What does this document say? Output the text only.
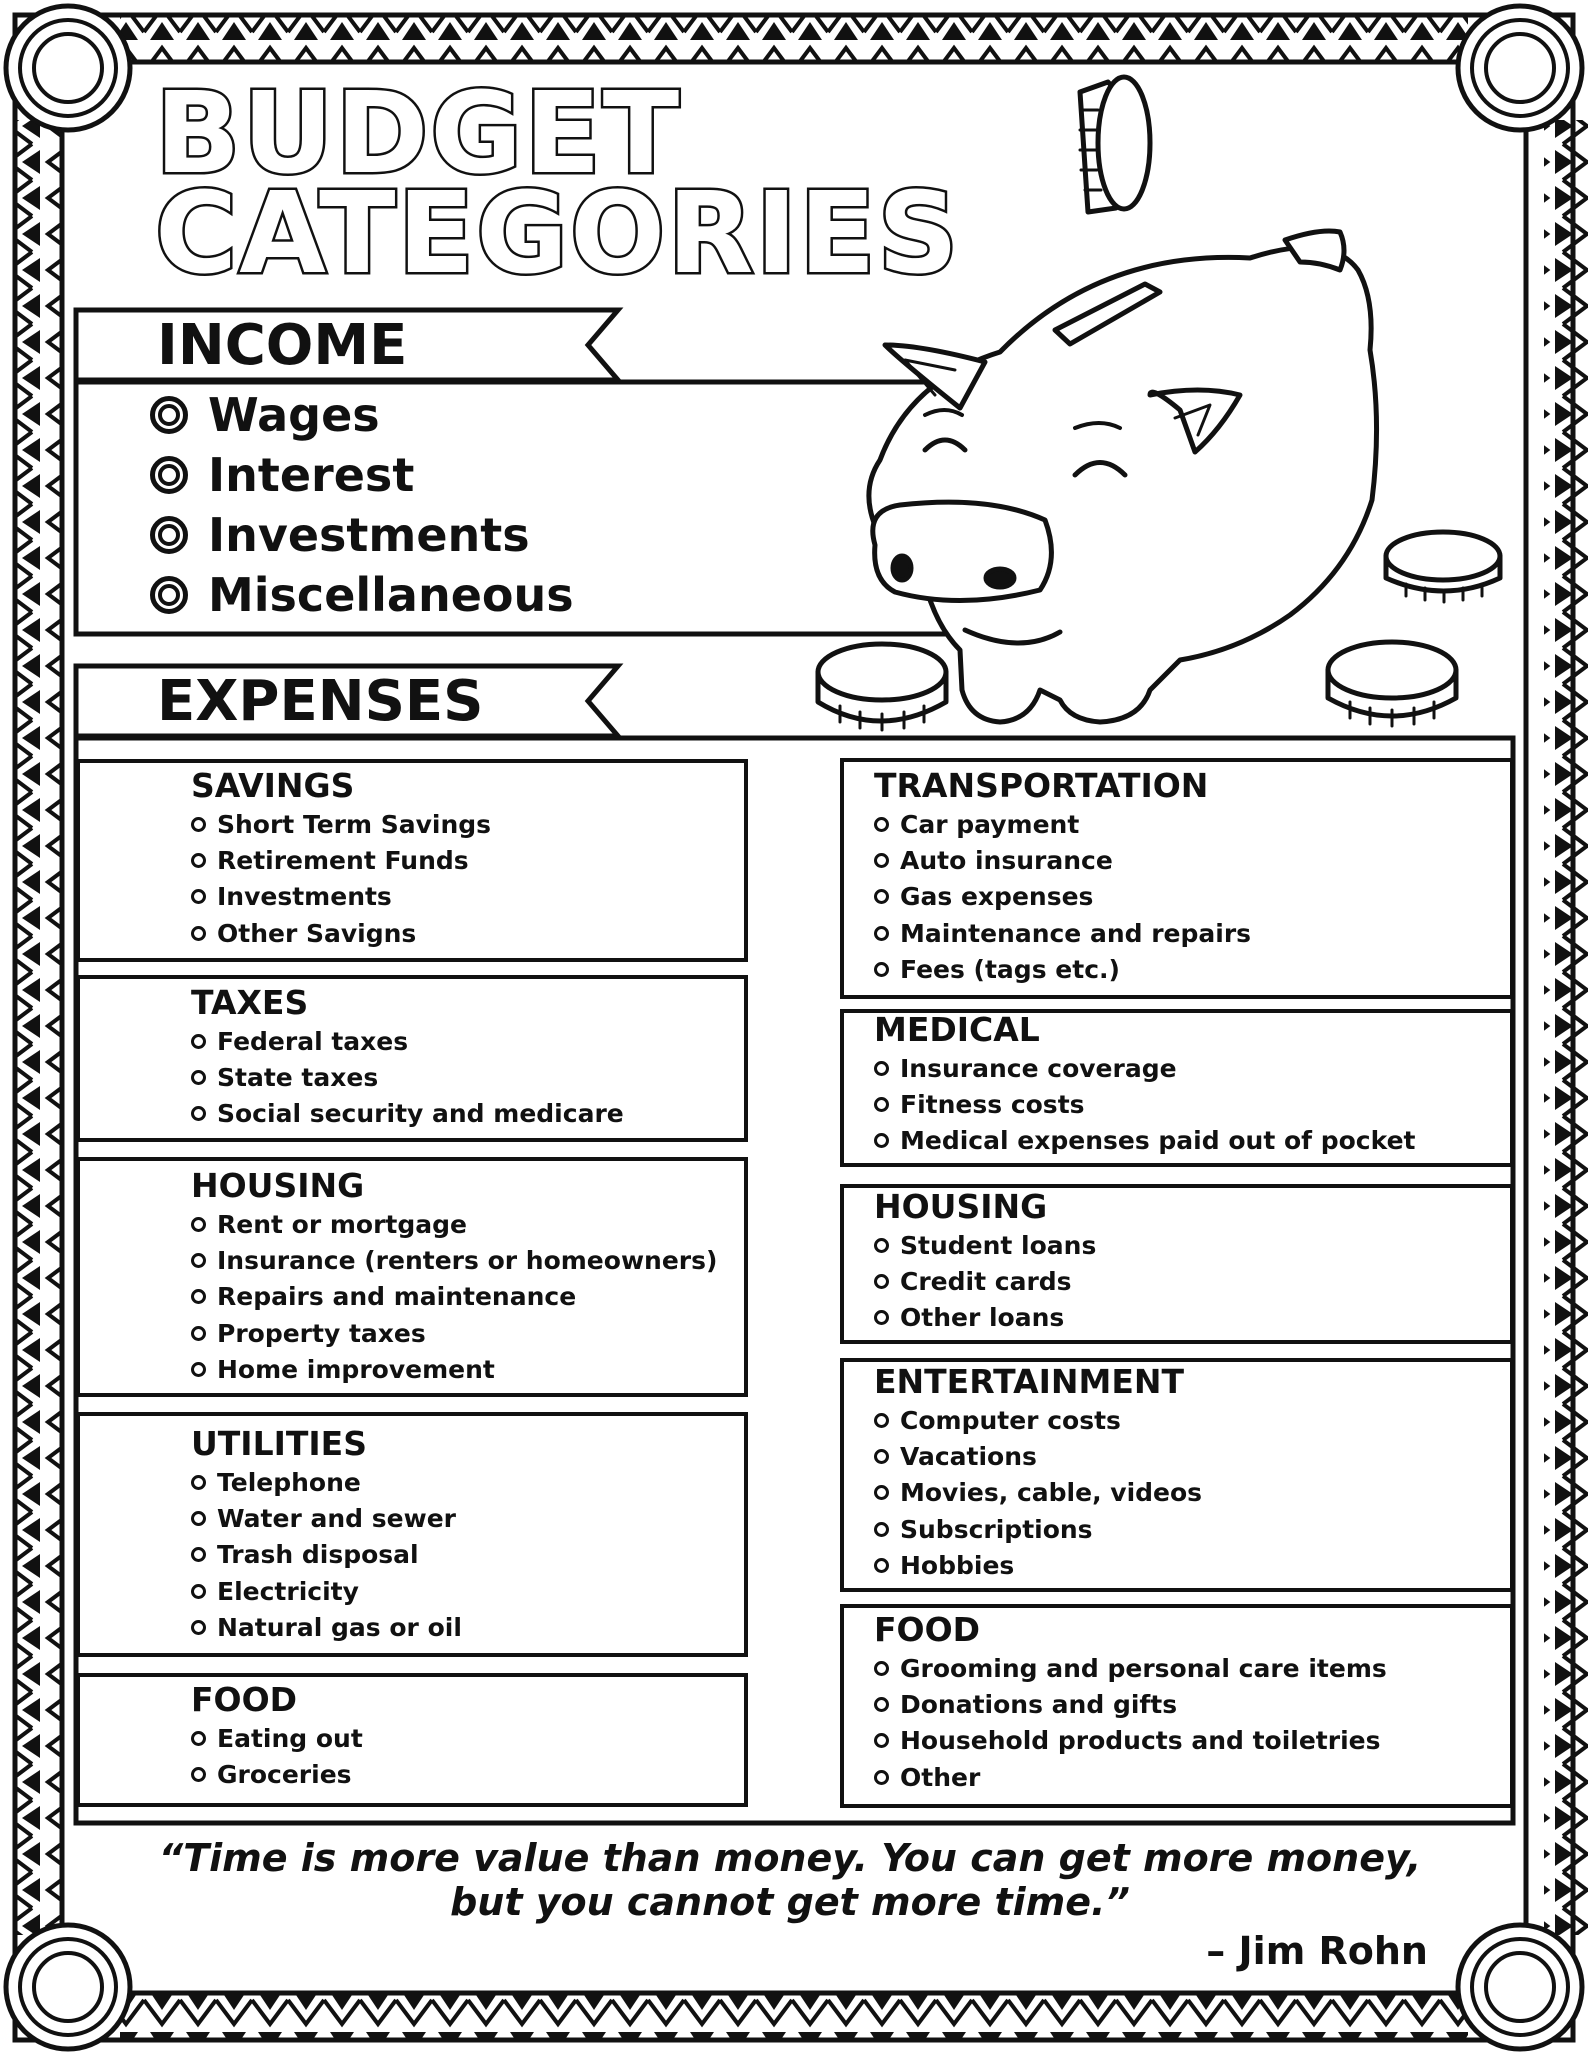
BUDGET
CATEGORIES
INCOME
Wages
Interest
Investments
Miscellaneous
EXPENSES
SAVINGS
Short Term Savings
Retirement Funds
Investments
Other Savigns
TAXES
Federal taxes
State taxes
Social security and medicare
HOUSING
Rent or mortgage
Insurance (renters or homeowners)
Repairs and maintenance
Property taxes
Home improvement
UTILITIES
Telephone
Water and sewer
Trash disposal
Electricity
Natural gas or oil
FOOD
Eating out
Groceries
TRANSPORTATION
Car payment
Auto insurance
Gas expenses
Maintenance and repairs
Fees (tags etc.)
MEDICAL
Insurance coverage
Fitness costs
Medical expenses paid out of pocket
HOUSING
Student loans
Credit cards
Other loans
ENTERTAINMENT
Computer costs
Vacations
Movies, cable, videos
Subscriptions
Hobbies
FOOD
Grooming and personal care items
Donations and gifts
Household products and toiletries
Other
“Time is more value than money. You can get more money, but you cannot get more time.”
– Jim Rohn
